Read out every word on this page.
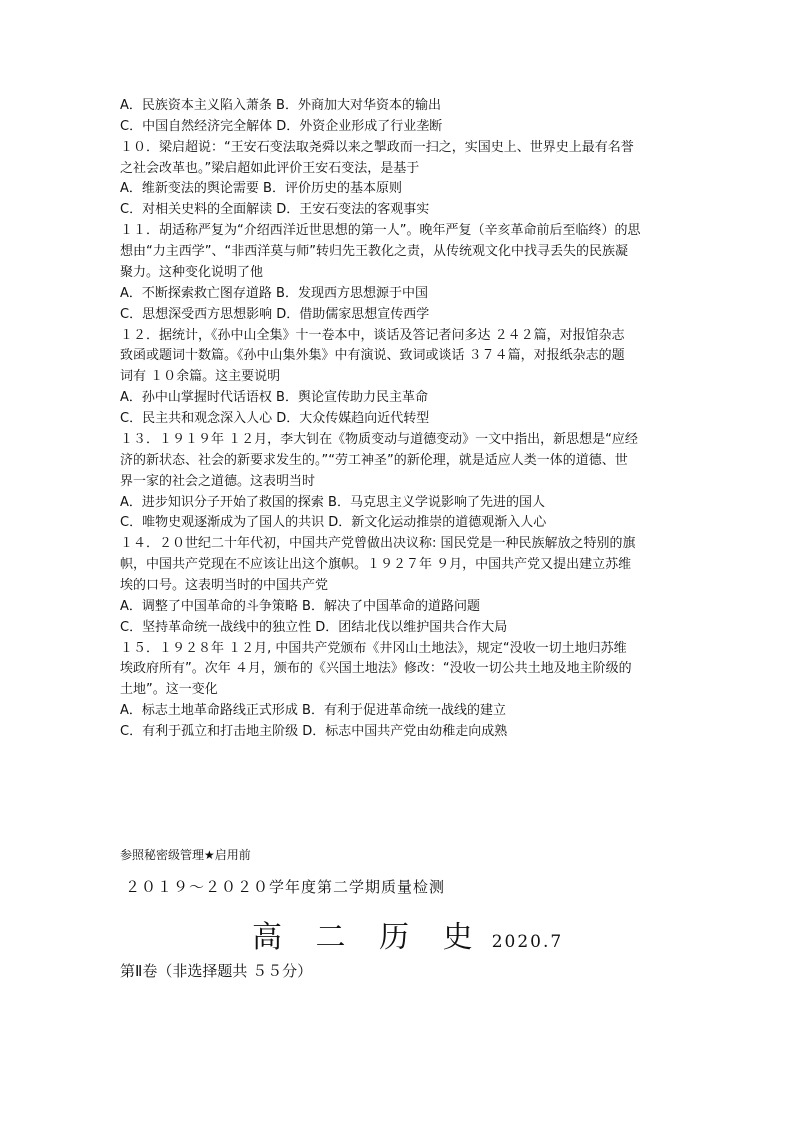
A．民族资本主义陷入萧条 B．外商加大对华资本的输出
C．中国自然经济完全解体 D．外资企业形成了行业垄断
１０．梁启超说：“王安石变法取尧舜以来之掣政而一扫之，实国史上、世界史上最有名誉
之社会改革也。”梁启超如此评价王安石变法，是基于
A．维新变法的舆论需要 B．评价历史的基本原则
C．对相关史料的全面解读 D．王安石变法的客观事实
１１．胡适称严复为“介绍西洋近世思想的第一人”。晚年严复（辛亥革命前后至临终）的思
想由“力主西学”、“非西洋莫与师”转归先王教化之责，从传统观文化中找寻丢失的民族凝
聚力。这种变化说明了他
A．不断探索救亡图存道路 B．发现西方思想源于中国
C．思想深受西方思想影响 D．借助儒家思想宣传西学
１２．据统计，《孙中山全集》十一卷本中，谈话及答记者问多达 ２４２篇，对报馆杂志
致函或题词十数篇。《孙中山集外集》中有演说、致词或谈话 ３７４篇，对报纸杂志的题
词有 １０余篇。这主要说明
A．孙中山掌握时代话语权 B．舆论宣传助力民主革命
C．民主共和观念深入人心 D．大众传媒趋向近代转型
１３．１９１９年 １２月，李大钊在《物质变动与道德变动》一文中指出，新思想是“应经
济的新状态、社会的新要求发生的。”“劳工神圣”的新伦理，就是适应人类一体的道德、世
界一家的社会之道德。这表明当时
A．进步知识分子开始了救国的探索 B．马克思主义学说影响了先进的国人
C．唯物史观逐渐成为了国人的共识 D．新文化运动推崇的道德观渐入人心
１４．２０世纪二十年代初，中国共产党曾做出决议称: 国民党是一种民族解放之特别的旗
帜，中国共产党现在不应该让出这个旗帜。１９２７年 ９月，中国共产党又提出建立苏维
埃的口号。这表明当时的中国共产党
A．调整了中国革命的斗争策略 B．解决了中国革命的道路问题
C．坚持革命统一战线中的独立性 D．团结北伐以维护国共合作大局
１５．１９２８年 １２月, 中国共产党颁布《井冈山土地法》，规定“没收一切土地归苏维
埃政府所有”。次年 ４月，颁布的《兴国土地法》修改：“没收一切公共土地及地主阶级的
土地”。这一变化
A．标志土地革命路线正式形成 B．有利于促进革命统一战线的建立
C．有利于孤立和打击地主阶级 D．标志中国共产党由幼稚走向成熟
参照秘密级管理★启用前
２０１９～２０２０学年度第二学期质量检测
高 二 历 史 2020.7
第Ⅱ卷（非选择题共 ５５分）
